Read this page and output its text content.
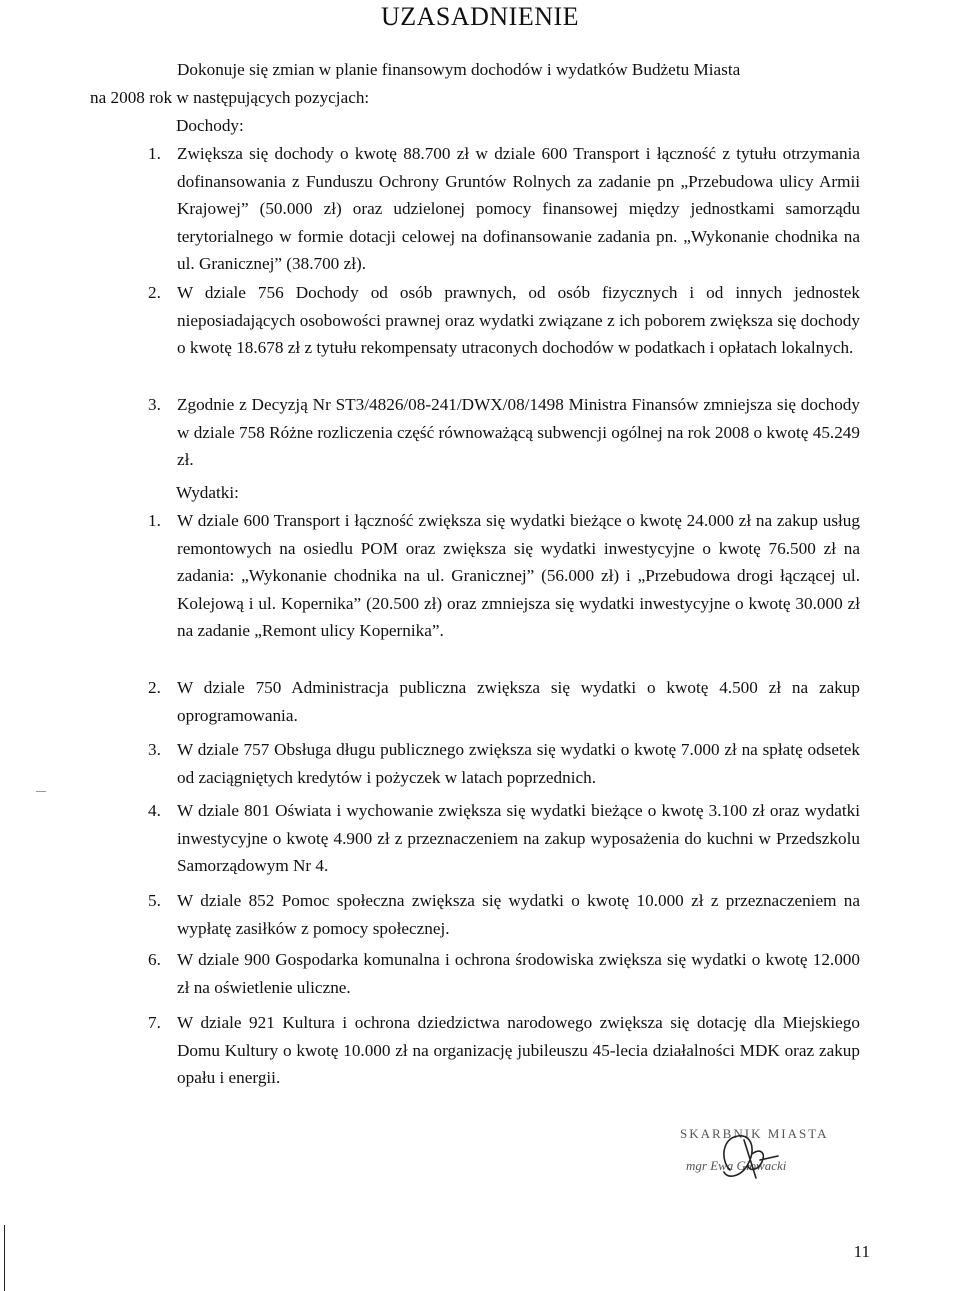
UZASADNIENIE
Dokonuje się zmian w planie finansowym dochodów i wydatków Budżetu Miasta
na 2008 rok w następujących pozycjach:
Dochody:
1. Zwiększa się dochody o kwotę 88.700 zł w dziale 600 Transport i łączność z tytułu otrzymania dofinansowania z Funduszu Ochrony Gruntów Rolnych za zadanie pn „Przebudowa ulicy Armii Krajowej” (50.000 zł) oraz udzielonej pomocy finansowej między jednostkami samorządu terytorialnego w formie dotacji celowej na dofinansowanie zadania pn. „Wykonanie chodnika na ul. Granicznej” (38.700 zł).
2. W dziale 756 Dochody od osób prawnych, od osób fizycznych i od innych jednostek nieposiadających osobowości prawnej oraz wydatki związane z ich poborem zwiększa się dochody o kwotę 18.678 zł z tytułu rekompensaty utraconych dochodów w podatkach i opłatach lokalnych.
3. Zgodnie z Decyzją Nr ST3/4826/08-241/DWX/08/1498 Ministra Finansów zmniejsza się dochody w dziale 758 Różne rozliczenia część równoważącą subwencji ogólnej na rok 2008 o kwotę 45.249 zł.
Wydatki:
1. W dziale 600 Transport i łączność zwiększa się wydatki bieżące o kwotę 24.000 zł na zakup usług remontowych na osiedlu POM oraz zwiększa się wydatki inwestycyjne o kwotę 76.500 zł na zadania: „Wykonanie chodnika na ul. Granicznej” (56.000 zł) i „Przebudowa drogi łączącej ul. Kolejową i ul. Kopernika” (20.500 zł) oraz zmniejsza się wydatki inwestycyjne o kwotę 30.000 zł na zadanie „Remont ulicy Kopernika”.
2. W dziale 750 Administracja publiczna zwiększa się wydatki o kwotę 4.500 zł na zakup oprogramowania.
3. W dziale 757 Obsługa długu publicznego zwiększa się wydatki o kwotę 7.000 zł na spłatę odsetek od zaciągniętych kredytów i pożyczek w latach poprzednich.
4. W dziale 801 Oświata i wychowanie zwiększa się wydatki bieżące o kwotę 3.100 zł oraz wydatki inwestycyjne o kwotę 4.900 zł z przeznaczeniem na zakup wyposażenia do kuchni w Przedszkolu Samorządowym Nr 4.
5. W dziale 852 Pomoc społeczna zwiększa się wydatki o kwotę 10.000 zł z przeznaczeniem na wypłatę zasiłków z pomocy społecznej.
6. W dziale 900 Gospodarka komunalna i ochrona środowiska zwiększa się wydatki o kwotę 12.000 zł na oświetlenie uliczne.
7. W dziale 921 Kultura i ochrona dziedzictwa narodowego zwiększa się dotację dla Miejskiego Domu Kultury o kwotę 10.000 zł na organizację jubileuszu 45-lecia działalności MDK oraz zakup opału i energii.
SKARBNIK MIASTA
mgr Ewa Głowacki
11
